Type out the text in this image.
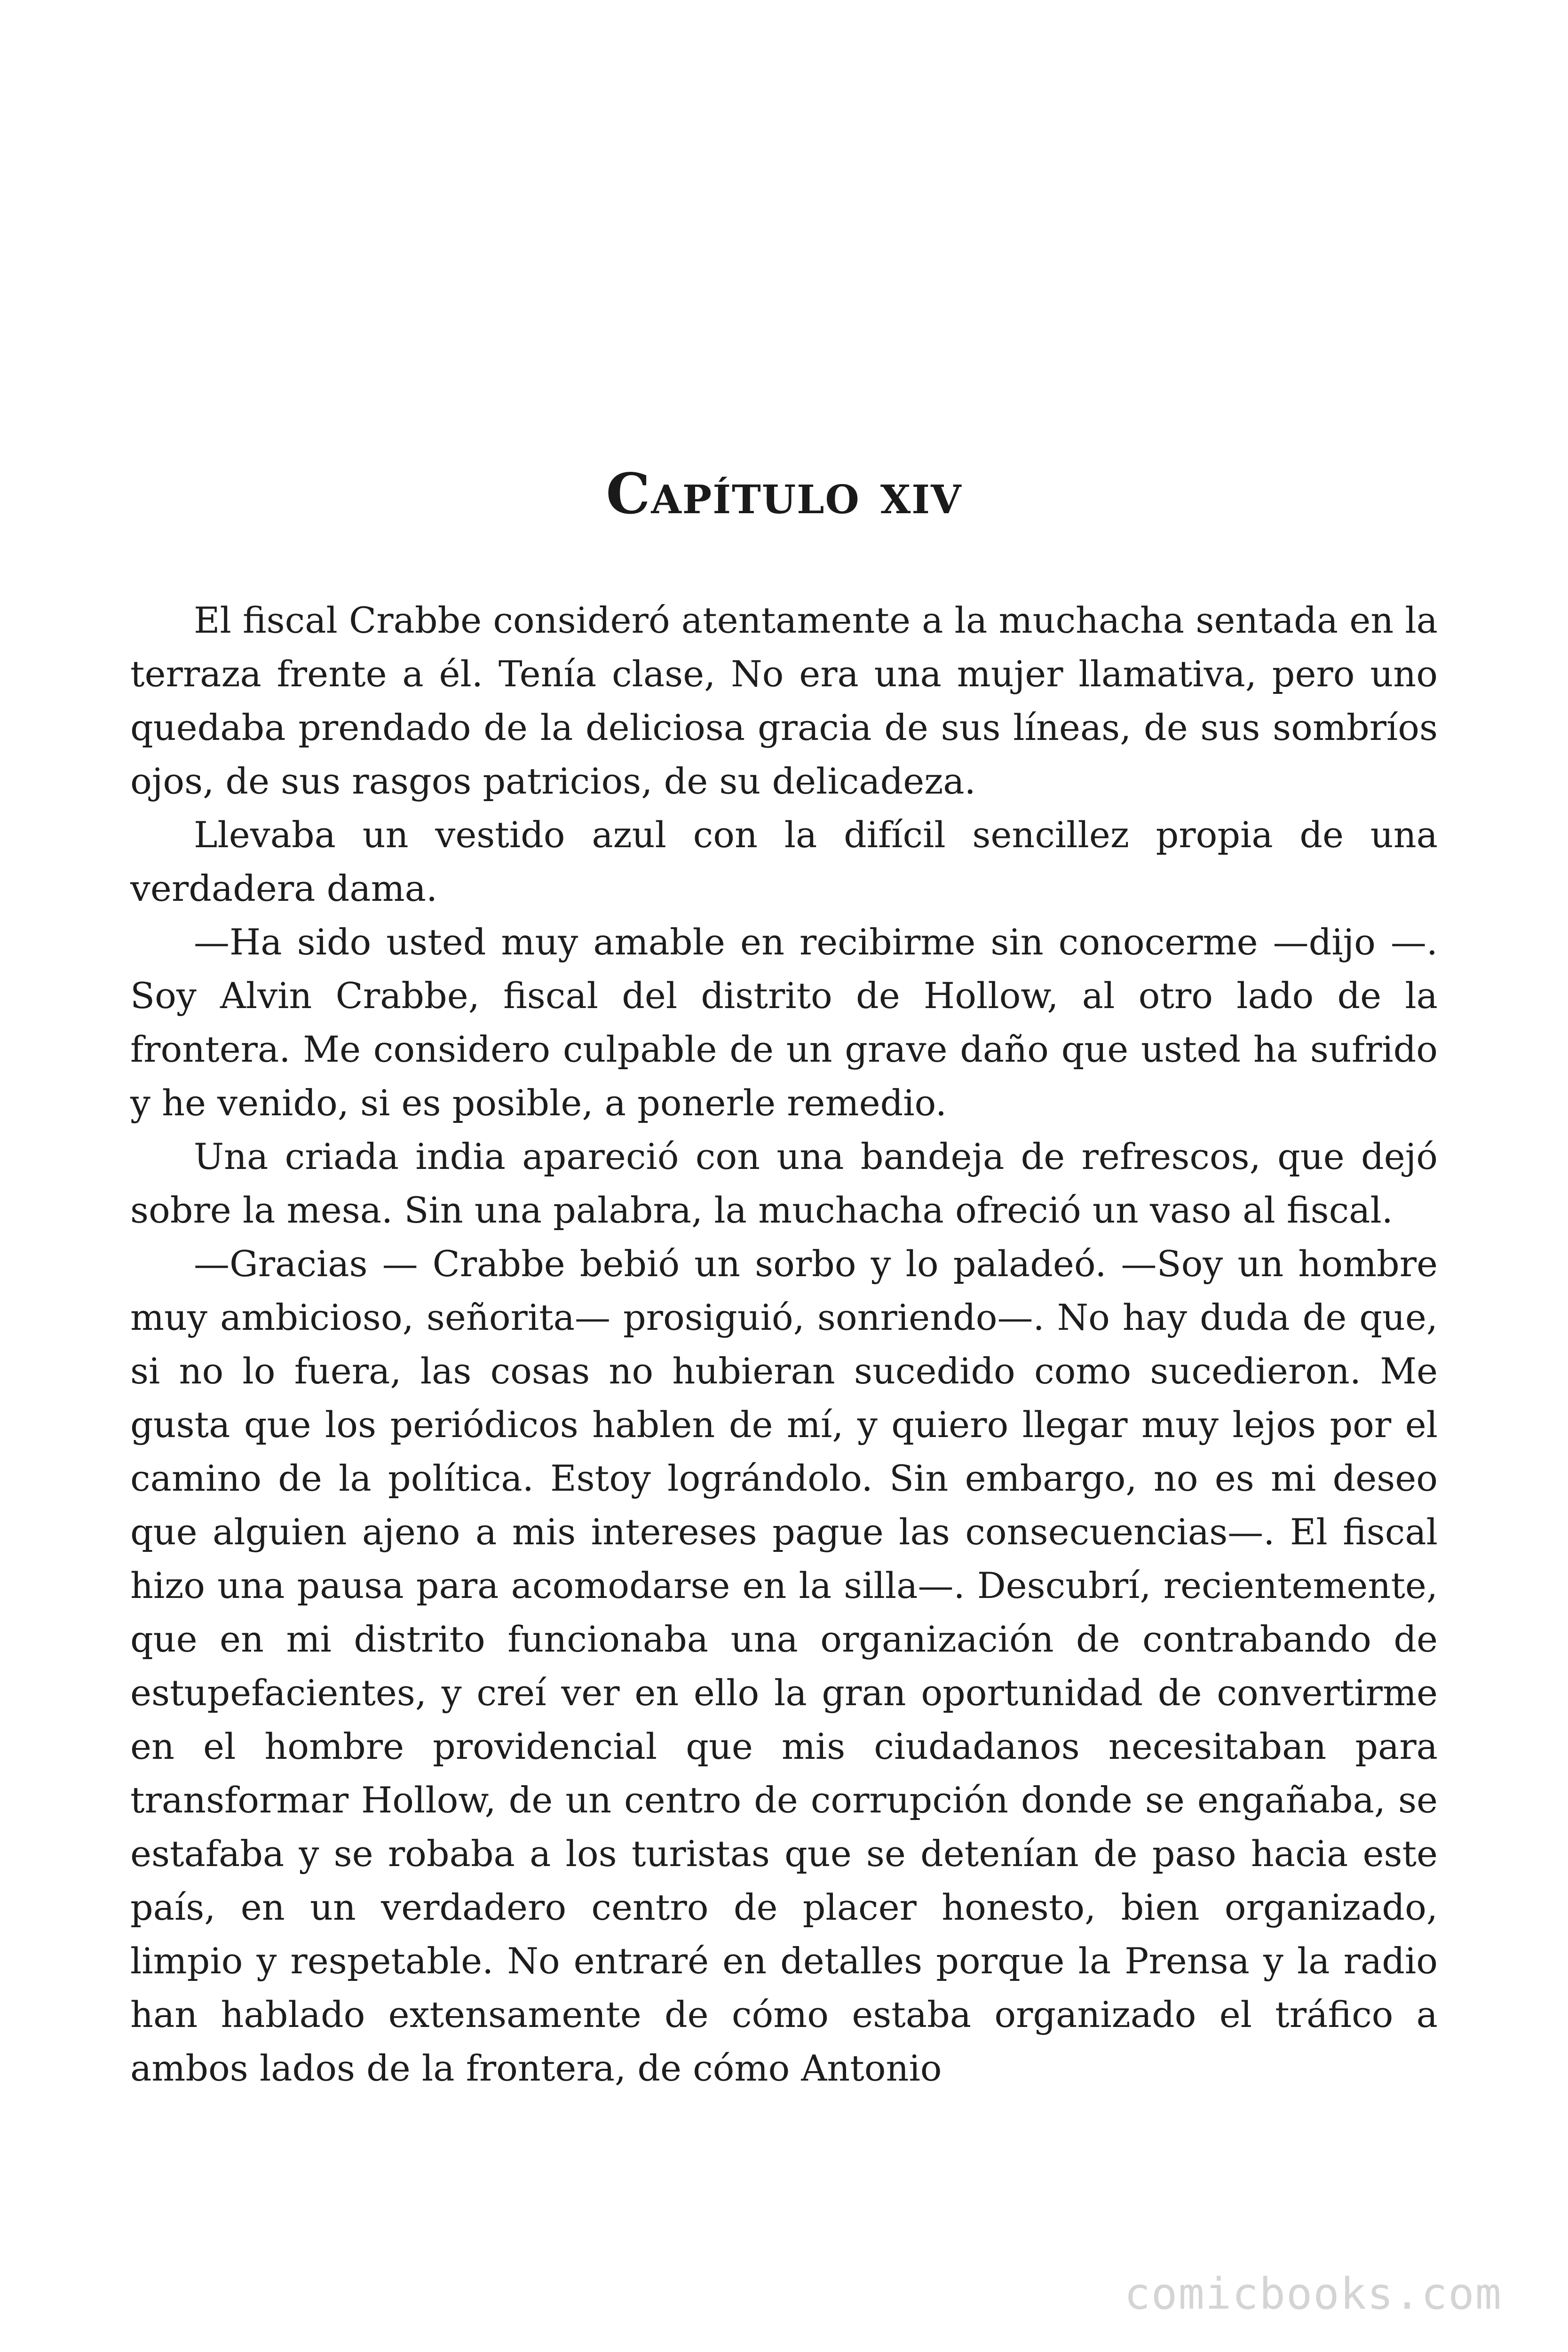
Capítulo xiv

El fiscal Crabbe consideró atentamente a la muchacha sentada en la terraza frente a él. Tenía clase, No era una mujer llamativa, pero uno quedaba prendado de la deliciosa gracia de sus líneas, de sus sombríos ojos, de sus rasgos patricios, de su delicadeza.

Llevaba un vestido azul con la difícil sencillez propia de una verdadera dama.

—Ha sido usted muy amable en recibirme sin conocerme —dijo —. Soy Alvin Crabbe, fiscal del distrito de Hollow, al otro lado de la frontera. Me considero culpable de un grave daño que usted ha sufrido y he venido, si es posible, a ponerle remedio.

Una criada india apareció con una bandeja de refrescos, que dejó sobre la mesa. Sin una palabra, la muchacha ofreció un vaso al fiscal.

—Gracias — Crabbe bebió un sorbo y lo paladeó. —Soy un hombre muy ambicioso, señorita— prosiguió, sonriendo—. No hay duda de que, si no lo fuera, las cosas no hubieran sucedido como sucedieron. Me gusta que los periódicos hablen de mí, y quiero llegar muy lejos por el camino de la política. Estoy lográndolo. Sin embargo, no es mi deseo que alguien ajeno a mis intereses pague las consecuencias—. El fiscal hizo una pausa para acomodarse en la silla—. Descubrí, recientemente, que en mi distrito funcionaba una organización de contrabando de estupefacientes, y creí ver en ello la gran oportunidad de convertirme en el hombre providencial que mis ciudadanos necesitaban para transformar Hollow, de un centro de corrupción donde se engañaba, se estafaba y se robaba a los turistas que se detenían de paso hacia este país, en un verdadero centro de placer honesto, bien organizado, limpio y respetable. No entraré en detalles porque la Prensa y la radio han hablado extensamente de cómo estaba organizado el tráfico a ambos lados de la frontera, de cómo Antonio

comicbooks.com
